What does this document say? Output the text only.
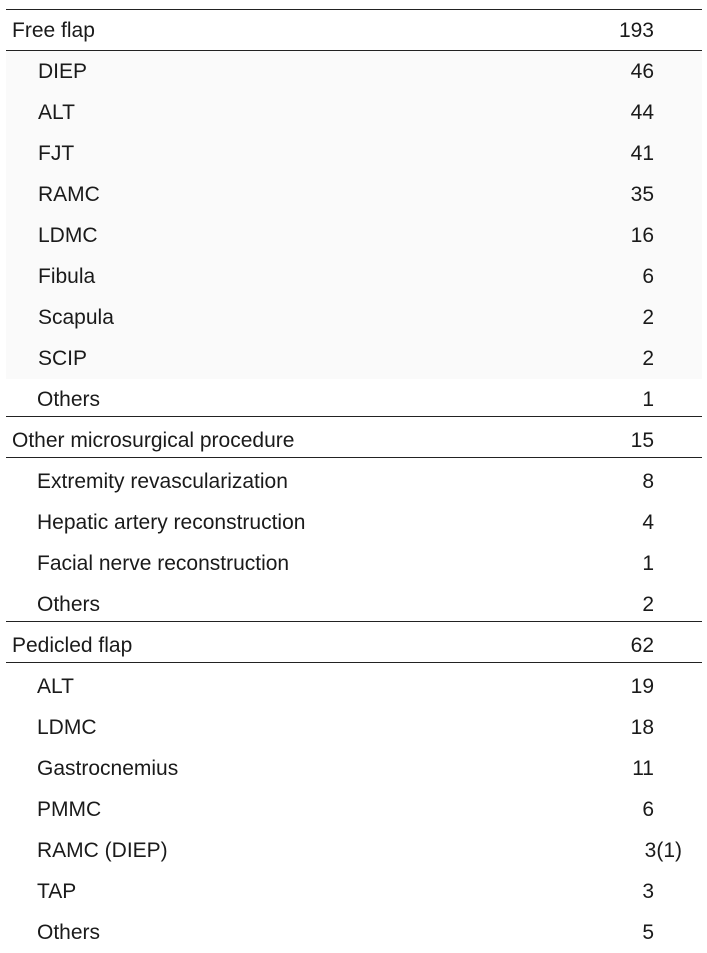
Free flap	193
DIEP	46
ALT	44
FJT	41
RAMC	35
LDMC	16
Fibula	6
Scapula	2
SCIP	2
Others	1
Other microsurgical procedure	15
Extremity revascularization	8
Hepatic artery reconstruction	4
Facial nerve reconstruction	1
Others	2
Pedicled flap	62
ALT	19
LDMC	18
Gastrocnemius	11
PMMC	6
RAMC (DIEP)	3(1)
TAP	3
Others	5
